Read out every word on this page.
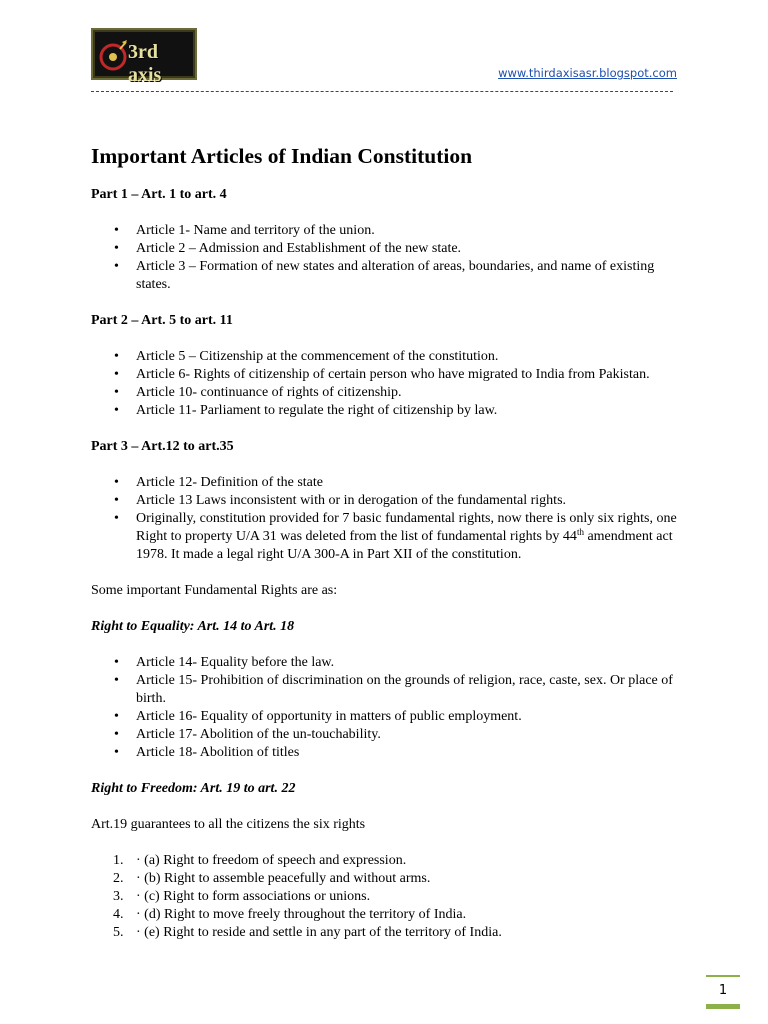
3rd axis	www.thirdaxisasr.blogspot.com
Important Articles of Indian Constitution

Part 1 – Art. 1 to art. 4

• Article 1- Name and territory of the union.
• Article 2 – Admission and Establishment of the new state.
• Article 3 – Formation of new states and alteration of areas, boundaries, and name of existing states.

Part 2 – Art. 5 to art. 11

• Article 5 – Citizenship at the commencement of the constitution.
• Article 6- Rights of citizenship of certain person who have migrated to India from Pakistan.
• Article 10- continuance of rights of citizenship.
• Article 11- Parliament to regulate the right of citizenship by law.

Part 3 – Art.12 to art.35

• Article 12- Definition of the state
• Article 13 Laws inconsistent with or in derogation of the fundamental rights.
• Originally, constitution provided for 7 basic fundamental rights, now there is only six rights, one Right to property U/A 31 was deleted from the list of fundamental rights by 44th amendment act 1978. It made a legal right U/A 300-A in Part XII of the constitution.

Some important Fundamental Rights are as:

Right to Equality: Art. 14 to Art. 18

• Article 14- Equality before the law.
• Article 15- Prohibition of discrimination on the grounds of religion, race, caste, sex. Or place of birth.
• Article 16- Equality of opportunity in matters of public employment.
• Article 17- Abolition of the un-touchability.
• Article 18- Abolition of titles

Right to Freedom: Art. 19 to art. 22

Art.19 guarantees to all the citizens the six rights

1. · (a) Right to freedom of speech and expression.
2. · (b) Right to assemble peacefully and without arms.
3. · (c) Right to form associations or unions.
4. · (d) Right to move freely throughout the territory of India.
5. · (e) Right to reside and settle in any part of the territory of India.
1
